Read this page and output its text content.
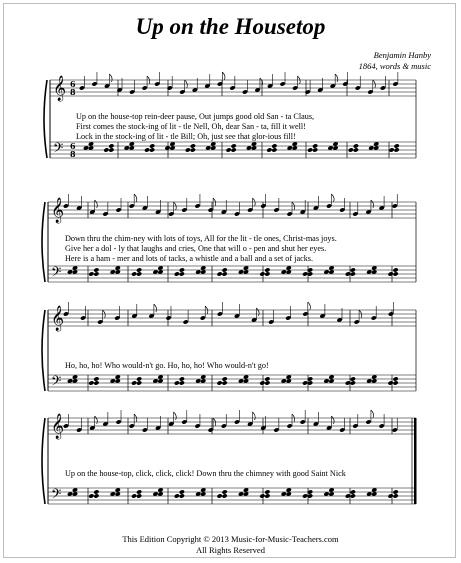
Up on the Housetop
Benjamin Hanby
1864, words & music
𝄞
𝄢
6
8
6
8
𝄞
𝄢
𝄞
𝄢
𝄞
𝄢
Up on the house-top rein-deer pause, Out jumps good old San - ta Claus,
First comes the stock-ing of lit - tle Nell, Oh, dear San - ta, fill it well!
Lock in the stock-ing of lit - tle Bill; Oh, just see that glor-ious fill!
Down thru the chim-ney with lots of toys, All for the lit - tle ones, Christ-mas joys.
Give her a dol - ly that laughs and cries, One that will o - pen and shut her eyes.
Here is a ham - mer and lots of tacks, a whistle and a ball and a set of jacks.
Ho, ho, ho! Who would-n't go. Ho, ho, ho! Who would-n't go!
Up on the house-top, click, click, click! Down thru the chimney with good Saint Nick
This Edition Copyright © 2013 Music-for-Music-Teachers.com
All Rights Reserved
